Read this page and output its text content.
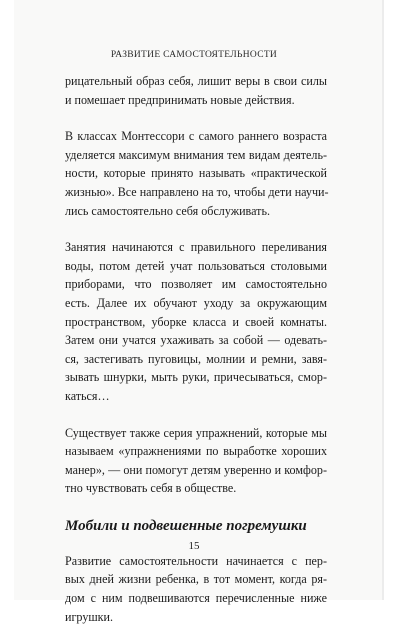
РАЗВИТИЕ САМОСТОЯТЕЛЬНОСТИ
рицательный образ себя, лишит веры в свои силы
и помешает предпринимать новые действия.
В классах Монтессори с самого раннего возраста
уделяется максимум внимания тем видам деятель-
ности, которые принято называть «практической
жизнью». Все направлено на то, чтобы дети научи-
лись самостоятельно себя обслуживать.
Занятия начинаются с правильного переливания
воды, потом детей учат пользоваться столовыми
приборами, что позволяет им самостоятельно
есть. Далее их обучают уходу за окружающим
пространством, уборке класса и своей комнаты.
Затем они учатся ухаживать за собой — одевать-
ся, застегивать пуговицы, молнии и ремни, завя-
зывать шнурки, мыть руки, причесываться, смор-
каться…
Существует также серия упражнений, которые мы
называем «упражнениями по выработке хороших
манер», — они помогут детям уверенно и комфор-
тно чувствовать себя в обществе.
Мобили и подвешенные погремушки
Развитие самостоятельности начинается с пер-
вых дней жизни ребенка, в тот момент, когда ря-
дом с ним подвешиваются перечисленные ниже
игрушки.
15
